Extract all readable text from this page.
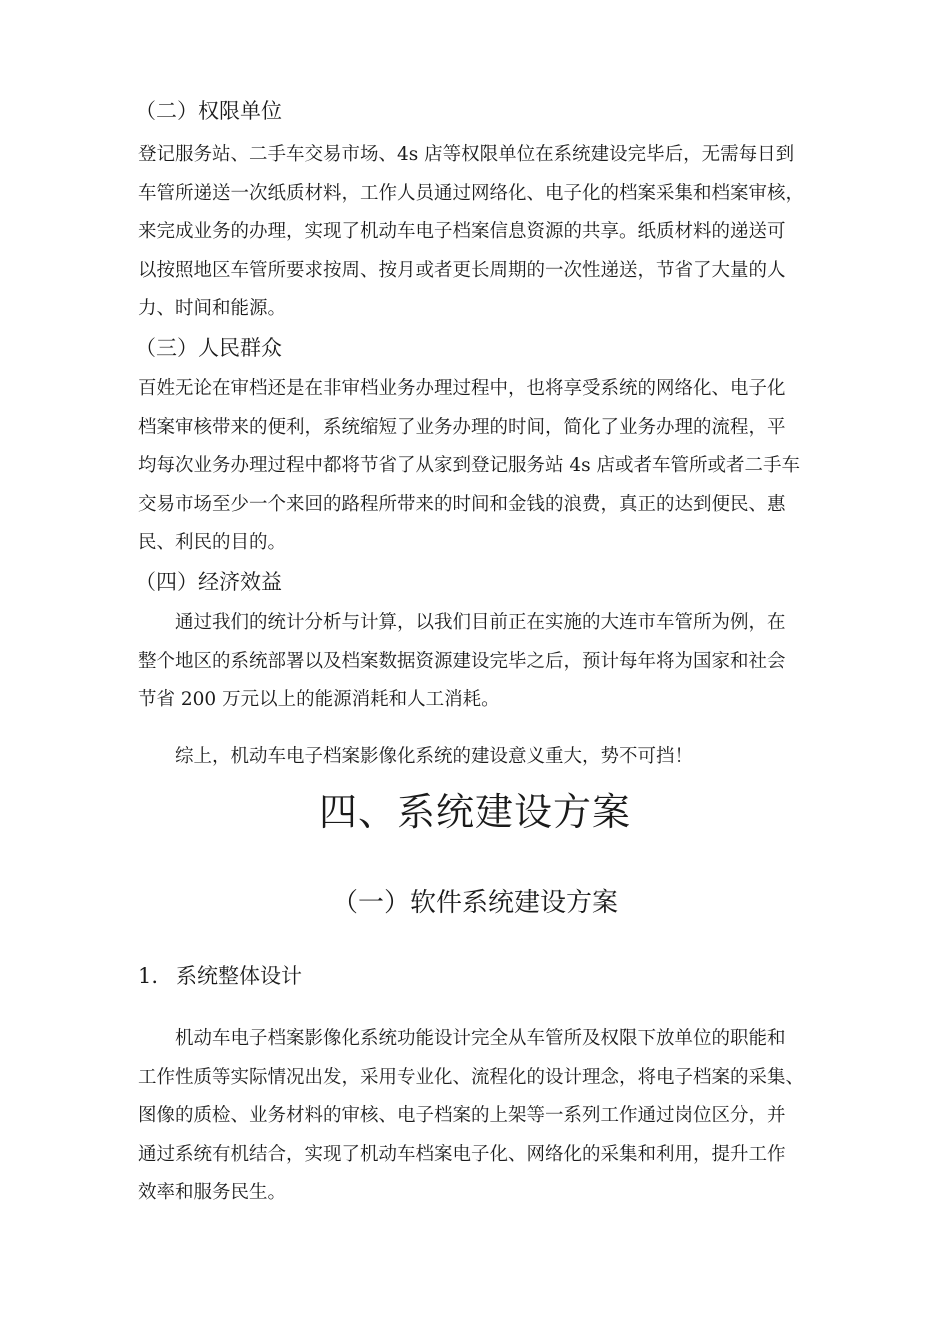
（二）权限单位
登记服务站、二手车交易市场、4s 店等权限单位在系统建设完毕后，无需每日到
车管所递送一次纸质材料，工作人员通过网络化、电子化的档案采集和档案审核，
来完成业务的办理，实现了机动车电子档案信息资源的共享。纸质材料的递送可
以按照地区车管所要求按周、按月或者更长周期的一次性递送，节省了大量的人
力、时间和能源。
（三）人民群众
百姓无论在审档还是在非审档业务办理过程中，也将享受系统的网络化、电子化
档案审核带来的便利，系统缩短了业务办理的时间，简化了业务办理的流程，平
均每次业务办理过程中都将节省了从家到登记服务站 4s 店或者车管所或者二手车
交易市场至少一个来回的路程所带来的时间和金钱的浪费，真正的达到便民、惠
民、利民的目的。
（四）经济效益
通过我们的统计分析与计算，以我们目前正在实施的大连市车管所为例，在
整个地区的系统部署以及档案数据资源建设完毕之后，预计每年将为国家和社会
节省 200 万元以上的能源消耗和人工消耗。
综上，机动车电子档案影像化系统的建设意义重大，势不可挡！
四、系统建设方案
（一）软件系统建设方案
1. 系统整体设计
机动车电子档案影像化系统功能设计完全从车管所及权限下放单位的职能和
工作性质等实际情况出发，采用专业化、流程化的设计理念，将电子档案的采集、
图像的质检、业务材料的审核、电子档案的上架等一系列工作通过岗位区分，并
通过系统有机结合，实现了机动车档案电子化、网络化的采集和利用，提升工作
效率和服务民生。
